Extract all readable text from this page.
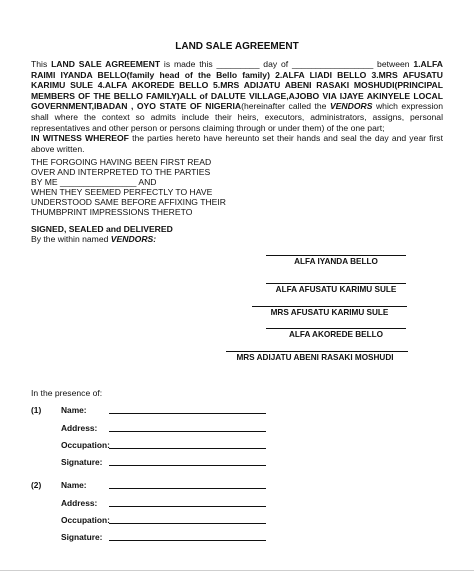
LAND SALE AGREEMENT
This LAND SALE AGREEMENT is made this _________ day of _________________ between 1.ALFA RAIMI IYANDA BELLO(family head of the Bello family) 2.ALFA LIADI BELLO 3.MRS AFUSATU KARIMU SULE 4.ALFA AKOREDE BELLO 5.MRS ADIJATU ABENI RASAKI MOSHUDI(PRINCIPAL MEMBERS OF THE BELLO FAMILY)ALL of DALUTE VILLAGE,AJOBO VIA IJAYE AKINYELE LOCAL GOVERNMENT,IBADAN , OYO STATE OF NIGERIA(hereinafter called the VENDORS which expression shall where the context so admits include their heirs, executors, administrators, assigns, personal representatives and other person or persons claiming through or under them) of the one part;
IN WITNESS WHEREOF the parties hereto have hereunto set their hands and seal the day and year first above written.
THE FORGOING HAVING BEEN FIRST READ
OVER AND INTERPRETED TO THE PARTIES
BY ME ________________ AND
WHEN THEY SEEMED PERFECTLY TO HAVE
UNDERSTOOD SAME BEFORE AFFIXING THEIR
THUMBPRINT IMPRESSIONS THERETO
SIGNED, SEALED and DELIVERED
By the within named VENDORS:
ALFA IYANDA BELLO
ALFA AFUSATU KARIMU SULE
MRS AFUSATU KARIMU SULE
ALFA AKOREDE BELLO
MRS ADIJATU ABENI RASAKI MOSHUDI
In the presence of:
(1) Name:
Address:
Occupation:
Signature:
(2) Name:
Address:
Occupation:
Signature:
